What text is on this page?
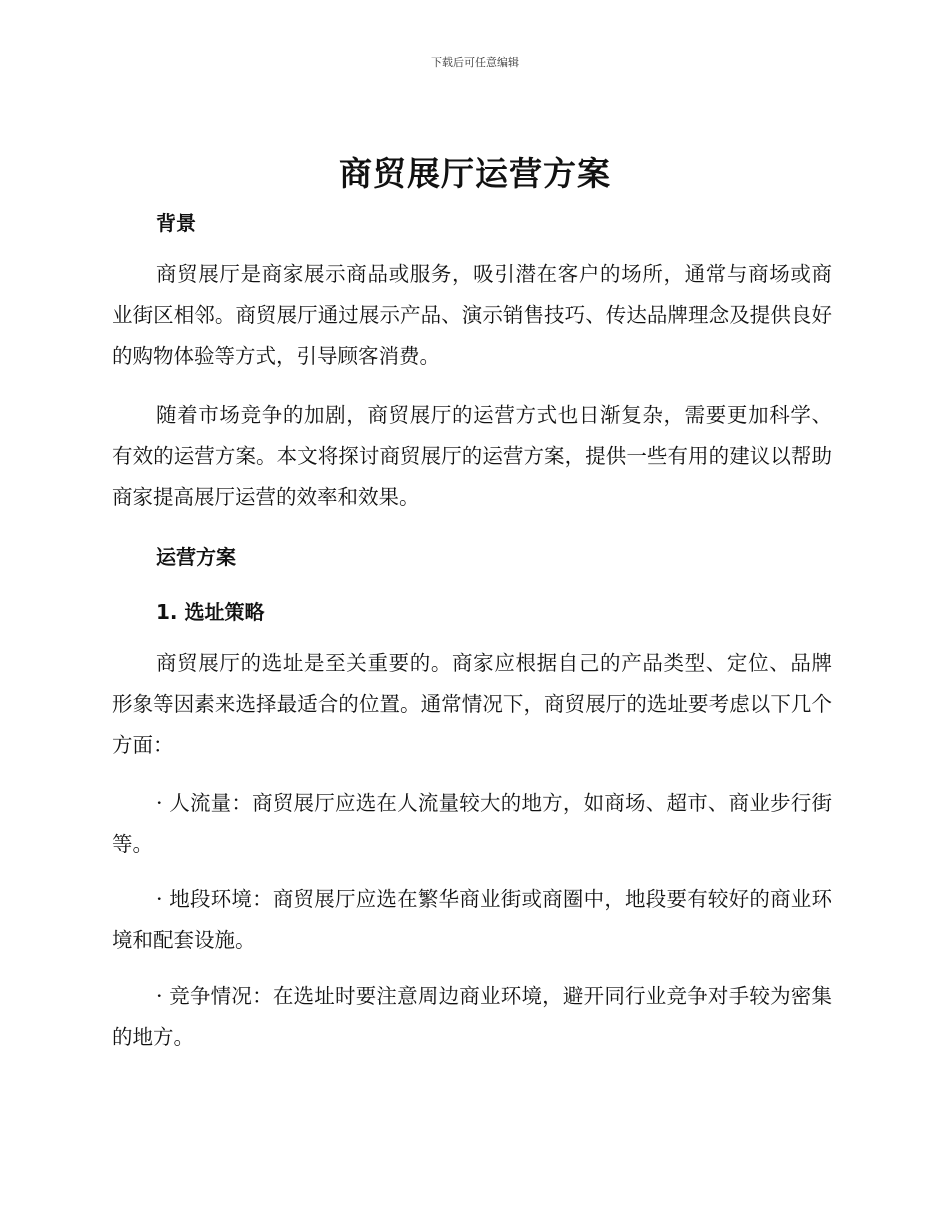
下载后可任意编辑
商贸展厅运营方案
背景
商贸展厅是商家展示商品或服务，吸引潜在客户的场所，通常与商场或商业街区相邻。商贸展厅通过展示产品、演示销售技巧、传达品牌理念及提供良好的购物体验等方式，引导顾客消费。
随着市场竞争的加剧，商贸展厅的运营方式也日渐复杂，需要更加科学、有效的运营方案。本文将探讨商贸展厅的运营方案，提供一些有用的建议以帮助商家提高展厅运营的效率和效果。
运营方案
1. 选址策略
商贸展厅的选址是至关重要的。商家应根据自己的产品类型、定位、品牌形象等因素来选择最适合的位置。通常情况下，商贸展厅的选址要考虑以下几个方面：
· 人流量：商贸展厅应选在人流量较大的地方，如商场、超市、商业步行街等。
· 地段环境：商贸展厅应选在繁华商业街或商圈中，地段要有较好的商业环境和配套设施。
· 竞争情况：在选址时要注意周边商业环境，避开同行业竞争对手较为密集的地方。
